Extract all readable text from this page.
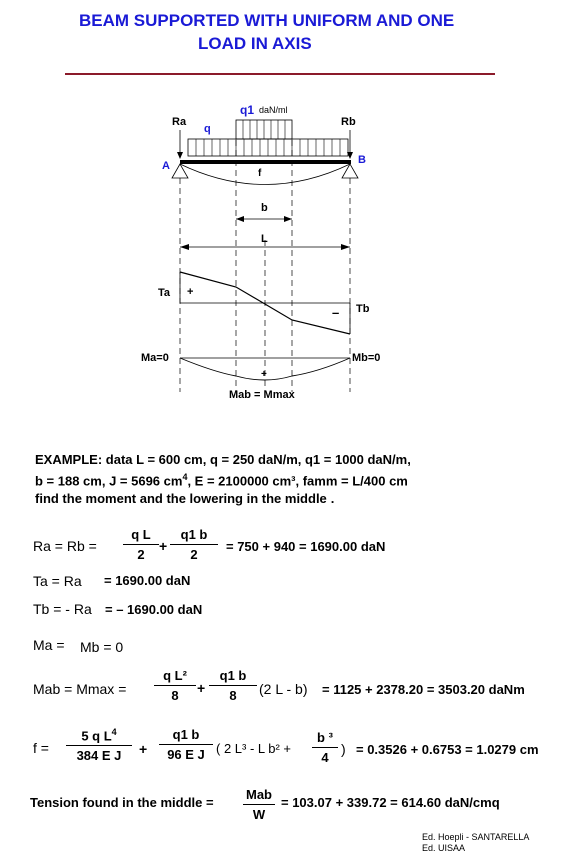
BEAM SUPPORTED WITH UNIFORM AND ONE
LOAD IN AXIS
q1 daN/ml
q
Ra	Rb
A	B
f
b
L
Ta
Tb
+
–
Ma=0	Mb=0
+
Mab = Mmax
EXAMPLE: data L = 600 cm, q = 250 daN/m, q1 = 1000 daN/m,
b = 188 cm, J = 5696 $cm^4$, E = 2100000 cm³, famm = L/400 cm
find the moment and the lowering in the middle .
Ra = Rb =
q L
2
+
q1 b
2
= 750 + 940 = 1690.00 daN
Ta = Ra = 1690.00 daN
Tb = - Ra = – 1690.00 daN
Ma = Mb = 0
Mab = Mmax =
q L²
8	+
q1 b
8	(2 L - b) = 1125 + 2378.20 = 3503.20 daNm
f =
5 q $L^4$
384 E J	+
q1 b
96 E J ( 2 L³ - L b² +
b ³
4
) = 0.3526 + 0.6753 = 1.0279 cm
Tension found in the middle =
Mab
W
= 103.07 + 339.72 = 614.60 daN/cmq
Ed. Hoepli - SANTARELLA
Ed. UISAA
